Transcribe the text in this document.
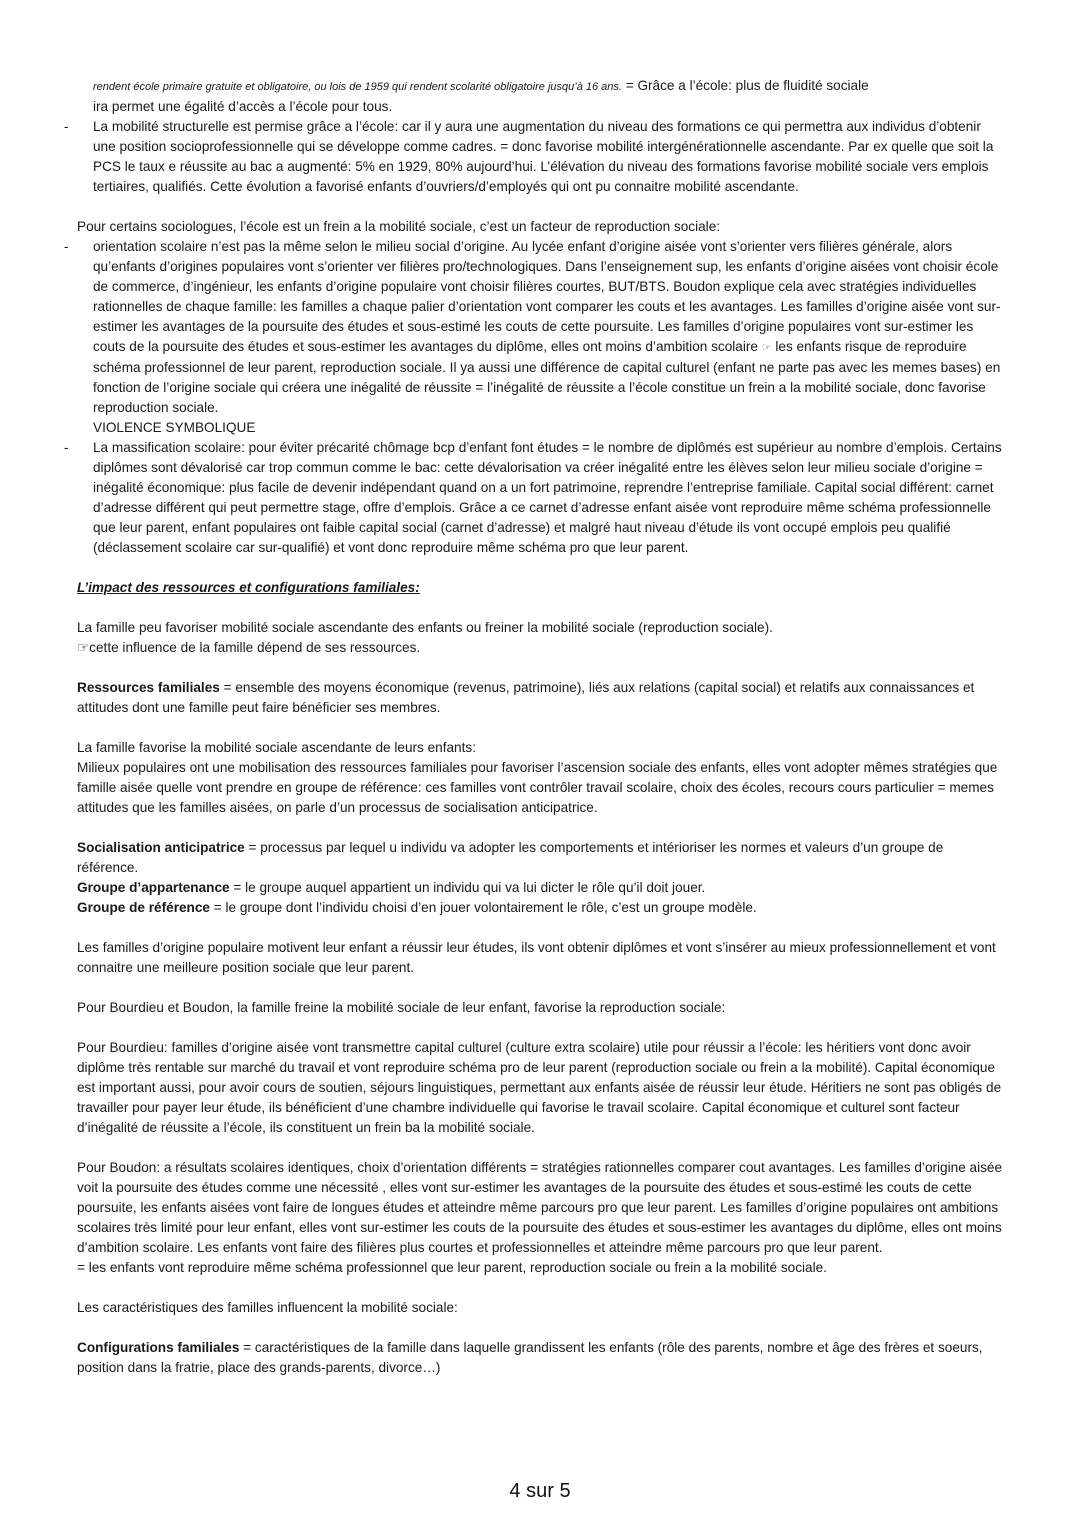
rendent école primaire gratuite et obligatoire, ou lois de 1959 qui rendent scolarité obligatoire jusqu’à 16 ans. = Grâce a l’école: plus de fluidité sociale
ira permet une égalité d’accès a l’école pour tous.
- La mobilité structurelle est permise grâce a l’école: car il y aura une augmentation du niveau des formations ce qui permettra aux individus d’obtenir une position socioprofessionnelle qui se développe comme cadres. = donc favorise mobilité intergénérationnelle ascendante. Par ex quelle que soit la PCS le taux e réussite au bac a augmenté: 5% en 1929, 80% aujourd’hui. L’élévation du niveau des formations favorise mobilité sociale vers emplois tertiaires, qualifiés. Cette évolution a favorisé enfants d’ouvriers/d’employés qui ont pu connaitre mobilité ascendante.

Pour certains sociologues, l’école est un frein a la mobilité sociale, c’est un facteur de reproduction sociale:

- orientation scolaire n’est pas la même selon le milieu social d’origine. Au lycée enfant d’origine aisée vont s’orienter vers filières générale, alors qu’enfants d’origines populaires vont s’orienter ver filières pro/technologiques. Dans l’enseignement sup, les enfants d’origine aisées vont choisir école de commerce, d’ingénieur, les enfants d’origine populaire vont choisir filières courtes, BUT/BTS. Boudon explique cela avec stratégies individuelles rationnelles de chaque famille: les familles a chaque palier d’orientation vont comparer les couts et les avantages. Les familles d’origine aisée vont sur-estimer les avantages de la poursuite des études et sous-estimé les couts de cette poursuite. Les familles d’origine populaires vont sur-estimer les couts de la poursuite des études et sous-estimer les avantages du diplôme, elles ont moins d’ambition scolaire ☞ les enfants risque de reproduire schéma professionnel de leur parent, reproduction sociale. Il ya aussi une différence de capital culturel (enfant ne parte pas avec les memes bases) en fonction de l’origine sociale qui créera une inégalité de réussite = l’inégalité de réussite a l’école constitue un frein a la mobilité sociale, donc favorise reproduction sociale.
VIOLENCE SYMBOLIQUE
- La massification scolaire: pour éviter précarité chômage bcp d’enfant font études = le nombre de diplômés est supérieur au nombre d’emplois. Certains diplômes sont dévalorisé car trop commun comme le bac: cette dévalorisation va créer inégalité entre les élèves selon leur milieu sociale d’origine = inégalité économique: plus facile de devenir indépendant quand on a un fort patrimoine, reprendre l’entreprise familiale. Capital social différent: carnet d’adresse différent qui peut permettre stage, offre d’emplois. Grâce a ce carnet d’adresse enfant aisée vont reproduire même schéma professionnelle que leur parent, enfant populaires ont faible capital social (carnet d’adresse) et malgré haut niveau d’étude ils vont occupé emplois peu qualifié (déclassement scolaire car sur-qualifié) et vont donc reproduire même schéma pro que leur parent.

L’impact des ressources et configurations familiales:

La famille peu favoriser mobilité sociale ascendante des enfants ou freiner la mobilité sociale (reproduction sociale).

☞cette influence de la famille dépend de ses ressources.

Ressources familiales = ensemble des moyens économique (revenus, patrimoine), liés aux relations (capital social) et relatifs aux connaissances et attitudes dont une famille peut faire bénéficier ses membres.

La famille favorise la mobilité sociale ascendante de leurs enfants:

Milieux populaires ont une mobilisation des ressources familiales pour favoriser l’ascension sociale des enfants, elles vont adopter mêmes stratégies que famille aisée quelle vont prendre en groupe de référence: ces familles vont contrôler travail scolaire, choix des écoles, recours cours particulier = memes attitudes que les familles aisées, on parle d’un processus de socialisation anticipatrice.

Socialisation anticipatrice = processus par lequel u individu va adopter les comportements et intérioriser les normes et valeurs d’un groupe de référence.

Groupe d’appartenance = le groupe auquel appartient un individu qui va lui dicter le rôle qu’il doit jouer.

Groupe de référence = le groupe dont l’individu choisi d’en jouer volontairement le rôle, c’est un groupe modèle.

Les familles d’origine populaire motivent leur enfant a réussir leur études, ils vont obtenir diplômes et vont s’insérer au mieux professionnellement et vont connaitre une meilleure position sociale que leur parent.

Pour Bourdieu et Boudon, la famille freine la mobilité sociale de leur enfant, favorise la reproduction sociale:

Pour Bourdieu: familles d’origine aisée vont transmettre capital culturel (culture extra scolaire) utile pour réussir a l’école: les héritiers vont donc avoir diplôme très rentable sur marché du travail et vont reproduire schéma pro de leur parent (reproduction sociale ou frein a la mobilité). Capital économique est important aussi, pour avoir cours de soutien, séjours linguistiques, permettant aux enfants aisée de réussir leur étude. Héritiers ne sont pas obligés de travailler pour payer leur étude, ils bénéficient d’une chambre individuelle qui favorise le travail scolaire. Capital économique et culturel sont facteur d’inégalité de réussite a l’école, ils constituent un frein ba la mobilité sociale.

Pour Boudon: a résultats scolaires identiques, choix d’orientation différents = stratégies rationnelles comparer cout avantages. Les familles d’origine aisée voit la poursuite des études comme une nécessité , elles vont sur-estimer les avantages de la poursuite des études et sous-estimé les couts de cette poursuite, les enfants aisées vont faire de longues études et atteindre même parcours pro que leur parent. Les familles d’origine populaires ont ambitions scolaires très limité pour leur enfant, elles vont sur-estimer les couts de la poursuite des études et sous-estimer les avantages du diplôme, elles ont moins d’ambition scolaire. Les enfants vont faire des filières plus courtes et professionnelles et atteindre même parcours pro que leur parent.

= les enfants vont reproduire même schéma professionnel que leur parent, reproduction sociale ou frein a la mobilité sociale.

Les caractéristiques des familles influencent la mobilité sociale:

Configurations familiales = caractéristiques de la famille dans laquelle grandissent les enfants (rôle des parents, nombre et âge des frères et soeurs, position dans la fratrie, place des grands-parents, divorce…)

4 sur 5
